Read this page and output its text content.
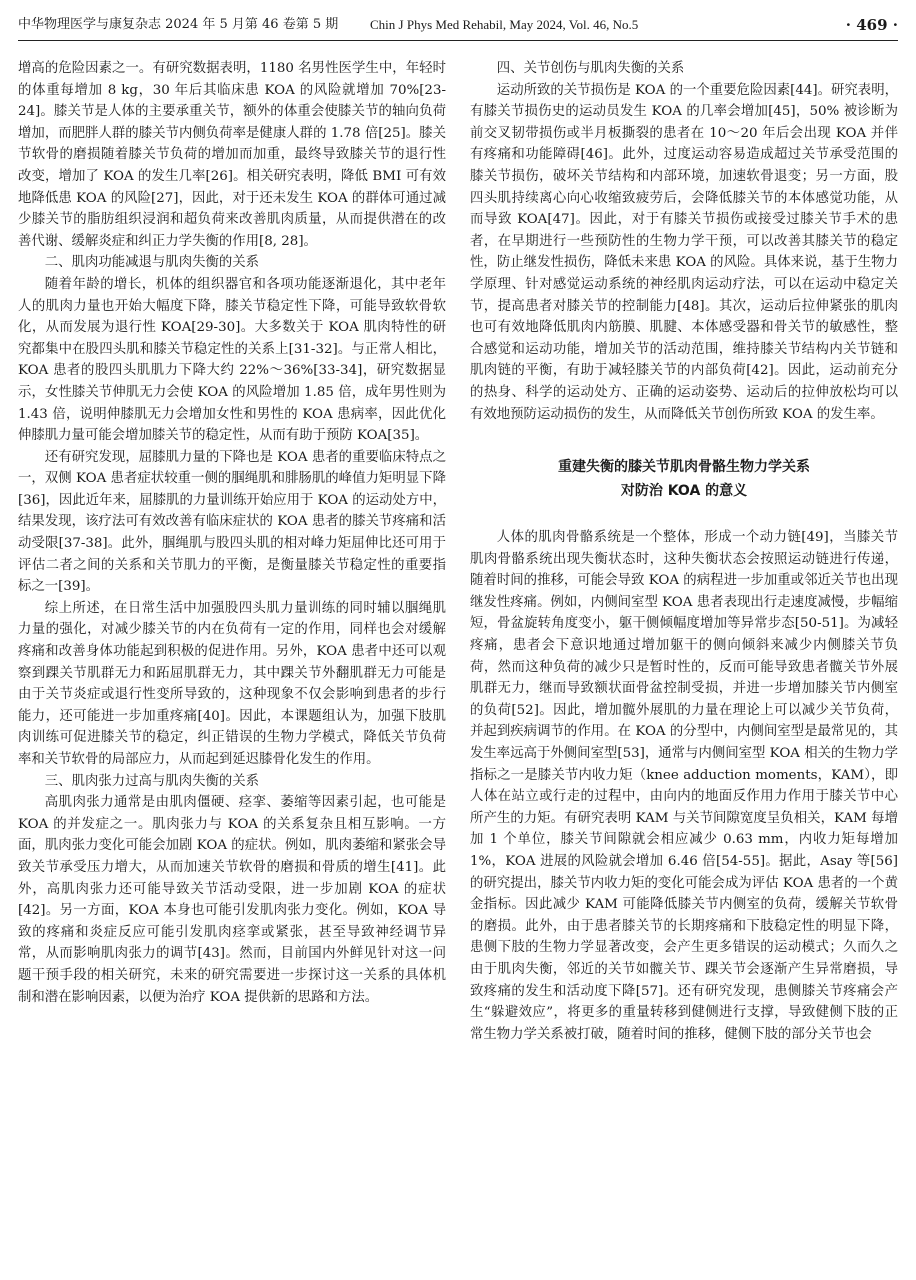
中华物理医学与康复杂志 2024 年 5 月第 46 卷第 5 期 Chin J Phys Med Rehabil, May 2024, Vol. 46, No.5	· 469 ·

增高的危险因素之一。有研究数据表明，1180 名男性医学生中，年轻时的体重每增加 8 kg，30 年后其临床患 KOA 的风险就增加 70%[23-24]。膝关节是人体的主要承重关节，额外的体重会使膝关节的轴向负荷增加，而肥胖人群的膝关节内侧负荷率是健康人群的 1.78 倍[25]。膝关节软骨的磨损随着膝关节负荷的增加而加重，最终导致膝关节的退行性改变，增加了 KOA 的发生几率[26]。相关研究表明，降低 BMI 可有效地降低患 KOA 的风险[27]，因此，对于还未发生 KOA 的群体可通过减少膝关节的脂肪组织浸润和超负荷来改善肌肉质量，从而提供潜在的改善代谢、缓解炎症和纠正力学失衡的作用[8, 28]。

二、肌肉功能减退与肌肉失衡的关系

随着年龄的增长，机体的组织器官和各项功能逐渐退化，其中老年人的肌肉力量也开始大幅度下降，膝关节稳定性下降，可能导致软骨软化，从而发展为退行性 KOA[29-30]。大多数关于 KOA 肌肉特性的研究都集中在股四头肌和膝关节稳定性的关系上[31-32]。与正常人相比，KOA 患者的股四头肌肌力下降大约 22%～36%[33-34]，研究数据显示，女性膝关节伸肌无力会使 KOA 的风险增加 1.85 倍，成年男性则为 1.43 倍，说明伸膝肌无力会增加女性和男性的 KOA 患病率，因此优化伸膝肌力量可能会增加膝关节的稳定性，从而有助于预防 KOA[35]。

还有研究发现，屈膝肌力量的下降也是 KOA 患者的重要临床特点之一，双侧 KOA 患者症状较重一侧的腘绳肌和腓肠肌的峰值力矩明显下降[36]，因此近年来，屈膝肌的力量训练开始应用于 KOA 的运动处方中，结果发现，该疗法可有效改善有临床症状的 KOA 患者的膝关节疼痛和活动受限[37-38]。此外，腘绳肌与股四头肌的相对峰力矩屈伸比还可用于评估二者之间的关系和关节肌力的平衡，是衡量膝关节稳定性的重要指标之一[39]。

综上所述，在日常生活中加强股四头肌力量训练的同时辅以腘绳肌力量的强化，对减少膝关节的内在负荷有一定的作用，同样也会对缓解疼痛和改善身体功能起到积极的促进作用。另外，KOA 患者中还可以观察到踝关节肌群无力和跖屈肌群无力，其中踝关节外翻肌群无力可能是由于关节炎症或退行性变所导致的，这种现象不仅会影响到患者的步行能力，还可能进一步加重疼痛[40]。因此，本课题组认为，加强下肢肌肉训练可促进膝关节的稳定，纠正错误的生物力学模式，降低关节负荷率和关节软骨的局部应力，从而起到延迟膝骨化发生的作用。

三、肌肉张力过高与肌肉失衡的关系

高肌肉张力通常是由肌肉僵硬、痉挛、萎缩等因素引起，也可能是 KOA 的并发症之一。肌肉张力与 KOA 的关系复杂且相互影响。一方面，肌肉张力变化可能会加剧 KOA 的症状。例如，肌肉萎缩和紧张会导致关节承受压力增大，从而加速关节软骨的磨损和骨质的增生[41]。此外，高肌肉张力还可能导致关节活动受限，进一步加剧 KOA 的症状[42]。另一方面，KOA 本身也可能引发肌肉张力变化。例如，KOA 导致的疼痛和炎症反应可能引发肌肉痉挛或紧张，甚至导致神经调节异常，从而影响肌肉张力的调节[43]。然而，目前国内外鲜见针对这一问题干预手段的相关研究，未来的研究需要进一步探讨这一关系的具体机制和潜在影响因素，以便为治疗 KOA 提供新的思路和方法。

四、关节创伤与肌肉失衡的关系

运动所致的关节损伤是 KOA 的一个重要危险因素[44]。研究表明，有膝关节损伤史的运动员发生 KOA 的几率会增加[45]，50% 被诊断为前交叉韧带损伤或半月板撕裂的患者在 10～20 年后会出现 KOA 并伴有疼痛和功能障碍[46]。此外，过度运动容易造成超过关节承受范围的膝关节损伤，破坏关节结构和内部环境，加速软骨退变；另一方面，股四头肌持续离心向心收缩致疲劳后，会降低膝关节的本体感觉功能，从而导致 KOA[47]。因此，对于有膝关节损伤或接受过膝关节手术的患者，在早期进行一些预防性的生物力学干预，可以改善其膝关节的稳定性，防止继发性损伤，降低未来患 KOA 的风险。具体来说，基于生物力学原理、针对感觉运动系统的神经肌肉运动疗法，可以在运动中稳定关节，提高患者对膝关节的控制能力[48]。其次，运动后拉伸紧张的肌肉也可有效地降低肌肉内筋膜、肌腱、本体感受器和骨关节的敏感性，整合感觉和运动功能，增加关节的活动范围，维持膝关节结构内关节链和肌肉链的平衡，有助于减轻膝关节的内部负荷[42]。因此，运动前充分的热身、科学的运动处方、正确的运动姿势、运动后的拉伸放松均可以有效地预防运动损伤的发生，从而降低关节创伤所致 KOA 的发生率。

重建失衡的膝关节肌肉骨骼生物力学关系
对防治 KOA 的意义

人体的肌肉骨骼系统是一个整体，形成一个动力链[49]，当膝关节肌肉骨骼系统出现失衡状态时，这种失衡状态会按照运动链进行传递，随着时间的推移，可能会导致 KOA 的病程进一步加重或邻近关节也出现继发性疼痛。例如，内侧间室型 KOA 患者表现出行走速度减慢，步幅缩短，骨盆旋转角度变小，躯干侧倾幅度增加等异常步态[50-51]。为减轻疼痛，患者会下意识地通过增加躯干的侧向倾斜来减少内侧膝关节负荷，然而这种负荷的减少只是暂时性的，反而可能导致患者髋关节外展肌群无力，继而导致额状面骨盆控制受损，并进一步增加膝关节内侧室的负荷[52]。因此，增加髋外展肌的力量在理论上可以减少关节负荷，并起到疾病调节的作用。在 KOA 的分型中，内侧间室型是最常见的，其发生率远高于外侧间室型[53]，通常与内侧间室型 KOA 相关的生物力学指标之一是膝关节内收力矩（knee adduction moments，KAM），即人体在站立或行走的过程中，由向内的地面反作用力作用于膝关节中心所产生的力矩。有研究表明 KAM 与关节间隙宽度呈负相关，KAM 每增加 1 个单位，膝关节间隙就会相应减少 0.63 mm，内收力矩每增加 1%，KOA 进展的风险就会增加 6.46 倍[54-55]。据此，Asay 等[56]的研究提出，膝关节内收力矩的变化可能会成为评估 KOA 患者的一个黄金指标。因此减少 KAM 可能降低膝关节内侧室的负荷，缓解关节软骨的磨损。此外，由于患者膝关节的长期疼痛和下肢稳定性的明显下降，患侧下肢的生物力学显著改变，会产生更多错误的运动模式；久而久之由于肌肉失衡，邻近的关节如髋关节、踝关节会逐渐产生异常磨损，导致疼痛的发生和活动度下降[57]。还有研究发现，患侧膝关节疼痛会产生“躲避效应”，将更多的重量转移到健侧进行支撑，导致健侧下肢的正常生物力学关系被打破，随着时间的推移，健侧下肢的部分关节也会
